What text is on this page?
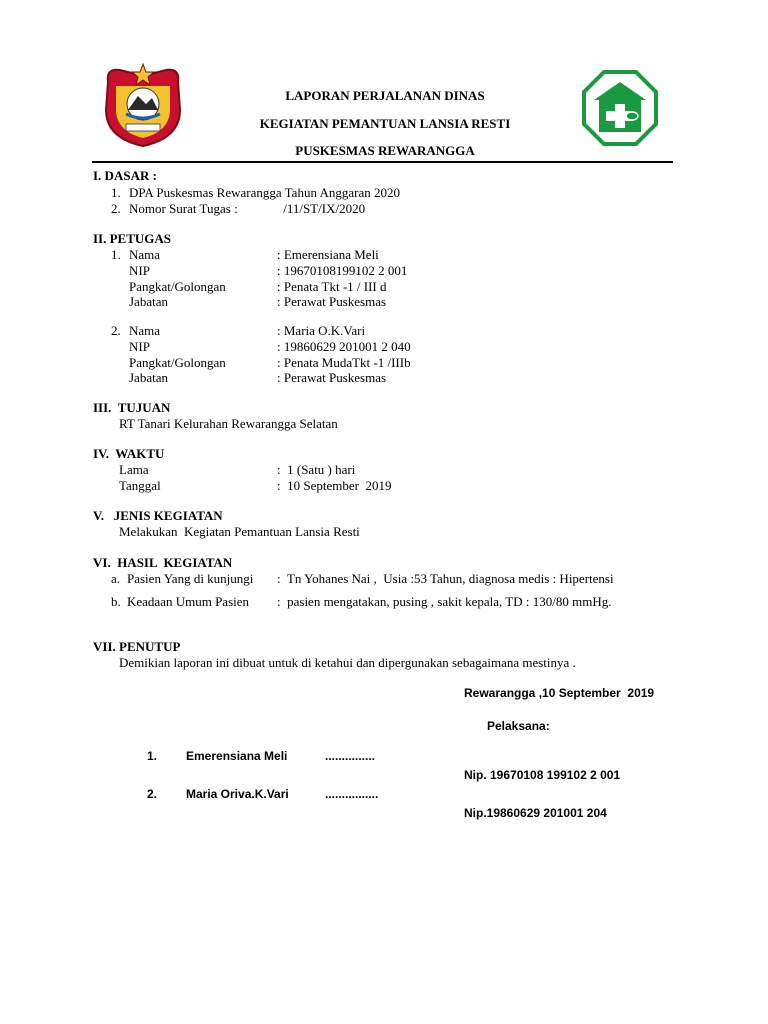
LAPORAN PERJALANAN DINAS
KEGIATAN PEMANTUAN LANSIA RESTI
PUSKESMAS REWARANGGA
I. DASAR :
1. DPA Puskesmas Rewarangga Tahun Anggaran 2020
2. Nomor Surat Tugas :              /11/ST/IX/2020
II. PETUGAS
1. Nama	: Emerensiana Meli
NIP	: 19670108199102 2 001
Pangkat/Golongan	: Penata Tkt -1 / III d
Jabatan	: Perawat Puskesmas
2. Nama	: Maria O.K.Vari
NIP	: 19860629 201001 2 040
Pangkat/Golongan	: Penata MudaTkt -1 /IIIb
Jabatan	: Perawat Puskesmas
III.  TUJUAN
RT Tanari Kelurahan Rewarangga Selatan
IV.  WAKTU
Lama	:  1 (Satu ) hari
Tanggal	:  10 September  2019
V.   JENIS KEGIATAN
Melakukan  Kegiatan Pemantuan Lansia Resti
VI.  HASIL  KEGIATAN
a. Pasien Yang di kunjungi :  Tn Yohanes Nai ,  Usia :53 Tahun, diagnosa medis : Hipertensi
b. Keadaan Umum Pasien :  pasien mengatakan, pusing , sakit kepala, TD : 130/80 mmHg.
VII. PENUTUP
Demikian laporan ini dibuat untuk di ketahui dan dipergunakan sebagaimana mestinya .
Rewarangga ,10 September  2019
Pelaksana:
1. Emerensiana Meli	...............
Nip. 19670108 199102 2 001
2. Maria Oriva.K.Vari	................
Nip.19860629 201001 204
